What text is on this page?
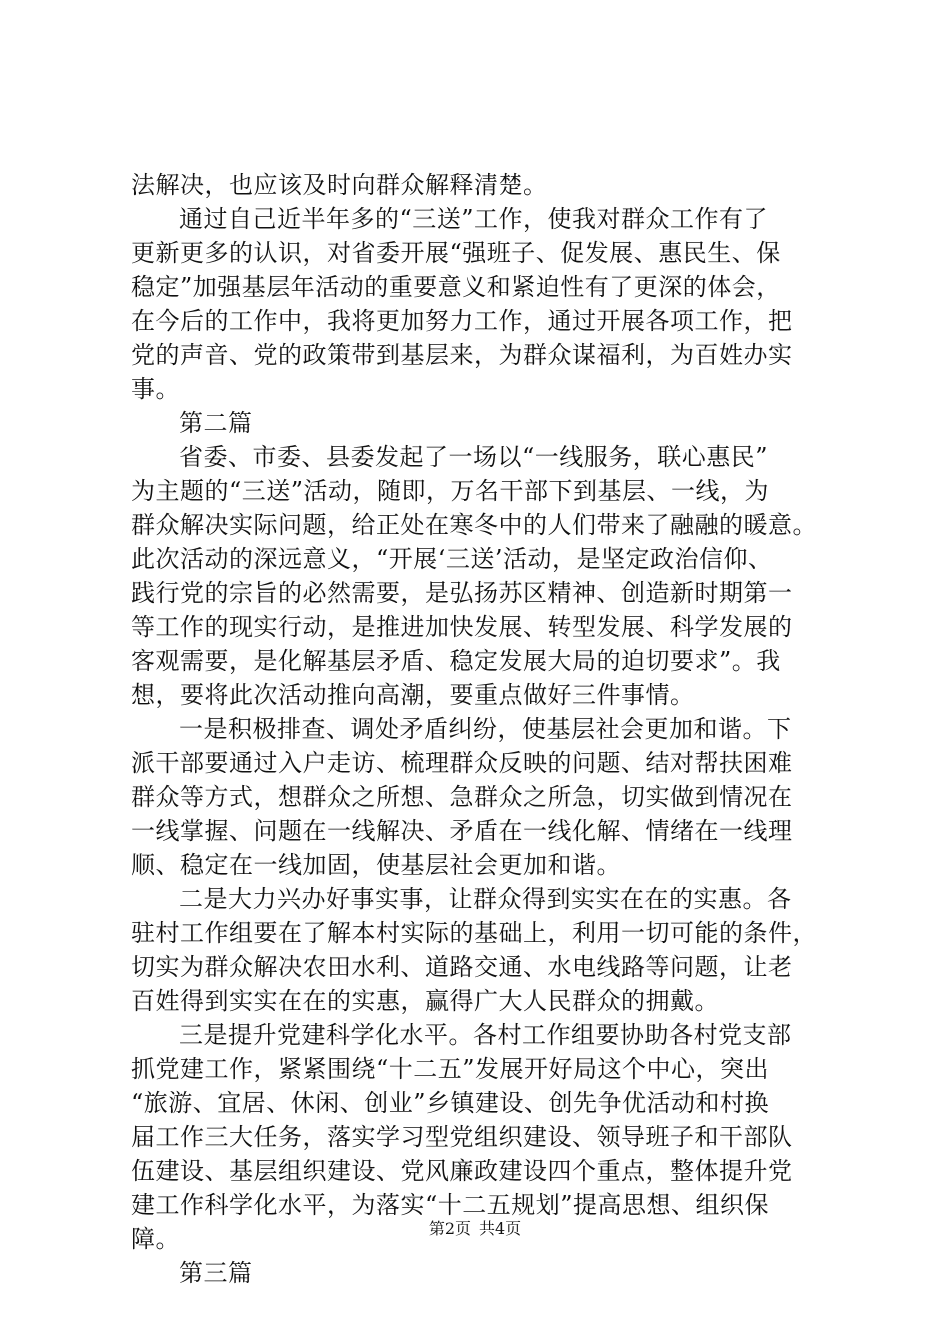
法解决，也应该及时向群众解释清楚。
通过自己近半年多的“三送”工作，使我对群众工作有了
更新更多的认识，对省委开展“强班子、促发展、惠民生、保
稳定”加强基层年活动的重要意义和紧迫性有了更深的体会，
在今后的工作中，我将更加努力工作，通过开展各项工作，把
党的声音、党的政策带到基层来，为群众谋福利，为百姓办实
事。
第二篇
省委、市委、县委发起了一场以“一线服务，联心惠民”
为主题的“三送”活动，随即，万名干部下到基层、一线，为
群众解决实际问题，给正处在寒冬中的人们带来了融融的暖意。
此次活动的深远意义，“开展‘三送’活动，是坚定政治信仰、
践行党的宗旨的必然需要，是弘扬苏区精神、创造新时期第一
等工作的现实行动，是推进加快发展、转型发展、科学发展的
客观需要，是化解基层矛盾、稳定发展大局的迫切要求”。我
想，要将此次活动推向高潮，要重点做好三件事情。
一是积极排查、调处矛盾纠纷，使基层社会更加和谐。下
派干部要通过入户走访、梳理群众反映的问题、结对帮扶困难
群众等方式，想群众之所想、急群众之所急，切实做到情况在
一线掌握、问题在一线解决、矛盾在一线化解、情绪在一线理
顺、稳定在一线加固，使基层社会更加和谐。
二是大力兴办好事实事，让群众得到实实在在的实惠。各
驻村工作组要在了解本村实际的基础上，利用一切可能的条件，
切实为群众解决农田水利、道路交通、水电线路等问题，让老
百姓得到实实在在的实惠，赢得广大人民群众的拥戴。
三是提升党建科学化水平。各村工作组要协助各村党支部
抓党建工作，紧紧围绕“十二五”发展开好局这个中心，突出
“旅游、宜居、休闲、创业”乡镇建设、创先争优活动和村换
届工作三大任务，落实学习型党组织建设、领导班子和干部队
伍建设、基层组织建设、党风廉政建设四个重点，整体提升党
建工作科学化水平，为落实“十二五规划”提高思想、组织保
障。
第三篇
第2页 共4页
